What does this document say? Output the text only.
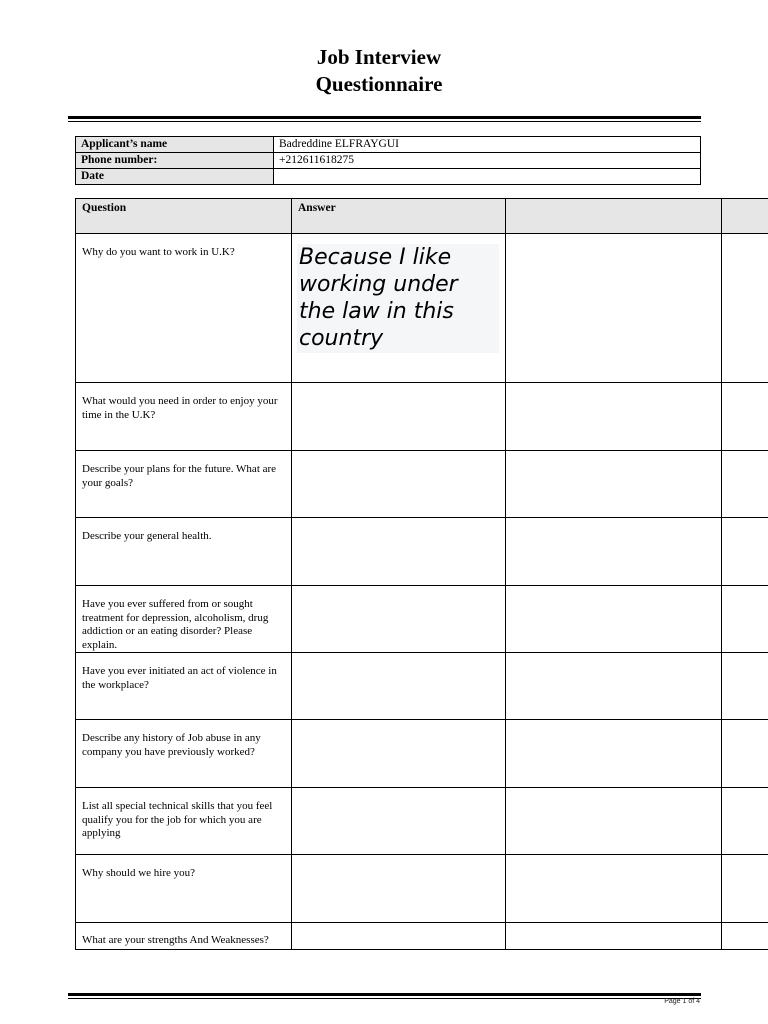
Job Interview
Questionnaire
Applicant’s name	Badreddine ELFRAYGUI
Phone number:	+212611618275
Date	
Question	Answer		
Why do you want to work in U.K?	Because I like working under the law in this country		

What would you need in order to enjoy your time in the U.K?			
Describe your plans for the future. What are your goals?			
Describe your general health.			
Have you ever suffered from or sought treatment for depression, alcoholism, drug addiction or an eating disorder? Please explain.			
Have you ever initiated an act of violence in the workplace?			
Describe any history of Job abuse in any company you have previously worked?			
List all special technical skills that you feel qualify you for the job for which you are applying			
Why should we hire you?			
What are your strengths And Weaknesses?			
Page 1 of 4
